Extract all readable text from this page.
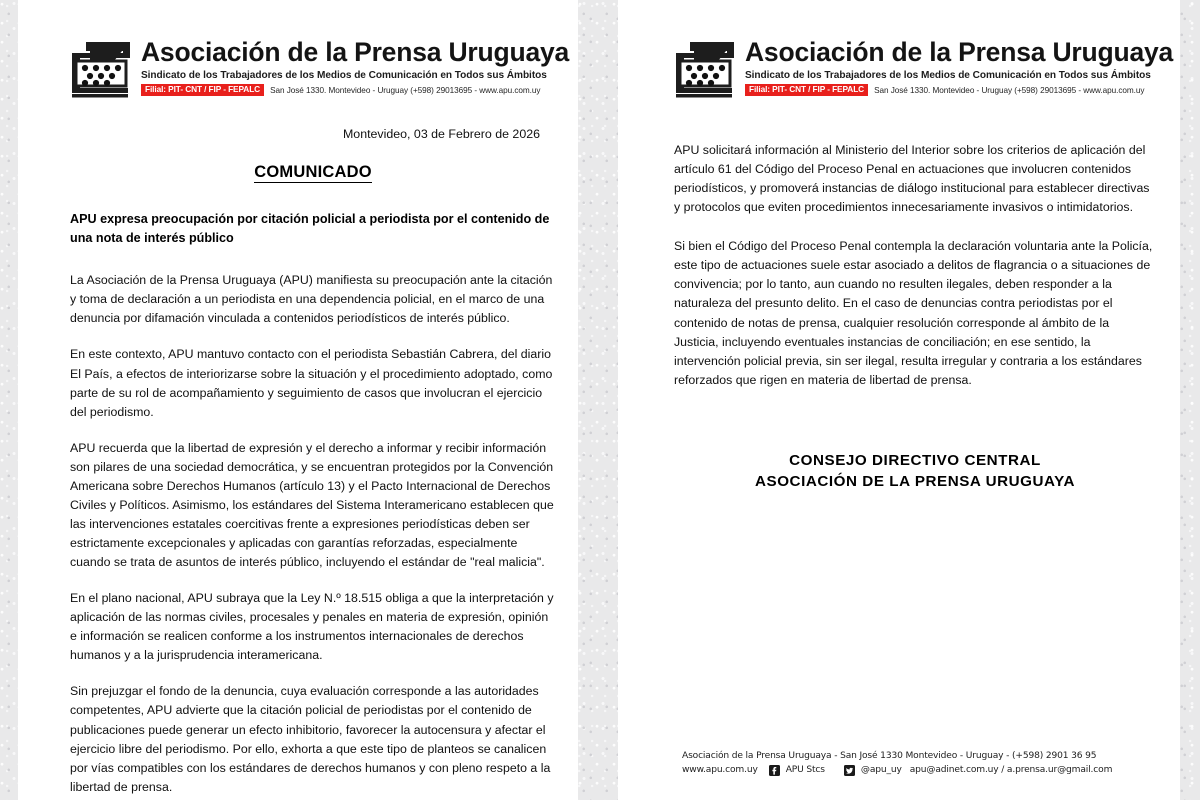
Asociación de la Prensa Uruguaya
Sindicato de los Trabajadores de los Medios de Comunicación en Todos sus Ámbitos
Filial: PIT- CNT / FIP - FEPALC	San José 1330. Montevideo - Uruguay (+598) 29013695 - www.apu.com.uy
Montevideo, 03 de Febrero de 2026
COMUNICADO
APU expresa preocupación por citación policial a periodista por el contenido de una nota de interés público

La Asociación de la Prensa Uruguaya (APU) manifiesta su preocupación ante la citación y toma de declaración a un periodista en una dependencia policial, en el marco de una denuncia por difamación vinculada a contenidos periodísticos de interés público.

En este contexto, APU mantuvo contacto con el periodista Sebastián Cabrera, del diario El País, a efectos de interiorizarse sobre la situación y el procedimiento adoptado, como parte de su rol de acompañamiento y seguimiento de casos que involucran el ejercicio del periodismo.

APU recuerda que la libertad de expresión y el derecho a informar y recibir información son pilares de una sociedad democrática, y se encuentran protegidos por la Convención Americana sobre Derechos Humanos (artículo 13) y el Pacto Internacional de Derechos Civiles y Políticos. Asimismo, los estándares del Sistema Interamericano establecen que las intervenciones estatales coercitivas frente a expresiones periodísticas deben ser estrictamente excepcionales y aplicadas con garantías reforzadas, especialmente cuando se trata de asuntos de interés público, incluyendo el estándar de "real malicia".

En el plano nacional, APU subraya que la Ley N.º 18.515 obliga a que la interpretación y aplicación de las normas civiles, procesales y penales en materia de expresión, opinión e información se realicen conforme a los instrumentos internacionales de derechos humanos y a la jurisprudencia interamericana.

Sin prejuzgar el fondo de la denuncia, cuya evaluación corresponde a las autoridades competentes, APU advierte que la citación policial de periodistas por el contenido de publicaciones puede generar un efecto inhibitorio, favorecer la autocensura y afectar el ejercicio libre del periodismo. Por ello, exhorta a que este tipo de planteos se canalicen por vías compatibles con los estándares de derechos humanos y con pleno respeto a la libertad de prensa.

Asociación de la Prensa Uruguaya
Sindicato de los Trabajadores de los Medios de Comunicación en Todos sus Ámbitos
Filial: PIT- CNT / FIP - FEPALC	San José 1330. Montevideo - Uruguay (+598) 29013695 - www.apu.com.uy

APU solicitará información al Ministerio del Interior sobre los criterios de aplicación del artículo 61 del Código del Proceso Penal en actuaciones que involucren contenidos periodísticos, y promoverá instancias de diálogo institucional para establecer directivas y protocolos que eviten procedimientos innecesariamente invasivos o intimidatorios.

Si bien el Código del Proceso Penal contempla la declaración voluntaria ante la Policía, este tipo de actuaciones suele estar asociado a delitos de flagrancia o a situaciones de convivencia; por lo tanto, aun cuando no resulten ilegales, deben responder a la naturaleza del presunto delito. En el caso de denuncias contra periodistas por el contenido de notas de prensa, cualquier resolución corresponde al ámbito de la Justicia, incluyendo eventuales instancias de conciliación; en ese sentido, la intervención policial previa, sin ser ilegal, resulta irregular y contraria a los estándares reforzados que rigen en materia de libertad de prensa.

CONSEJO DIRECTIVO CENTRAL
ASOCIACIÓN DE LA PRENSA URUGUAYA
Asociación de la Prensa Uruguaya - San José 1330 Montevideo - Uruguay - (+598) 2901 36 95
www.apu.com.uy	APU Stcs	@apu_uy apu@adinet.com.uy / a.prensa.ur@gmail.com
